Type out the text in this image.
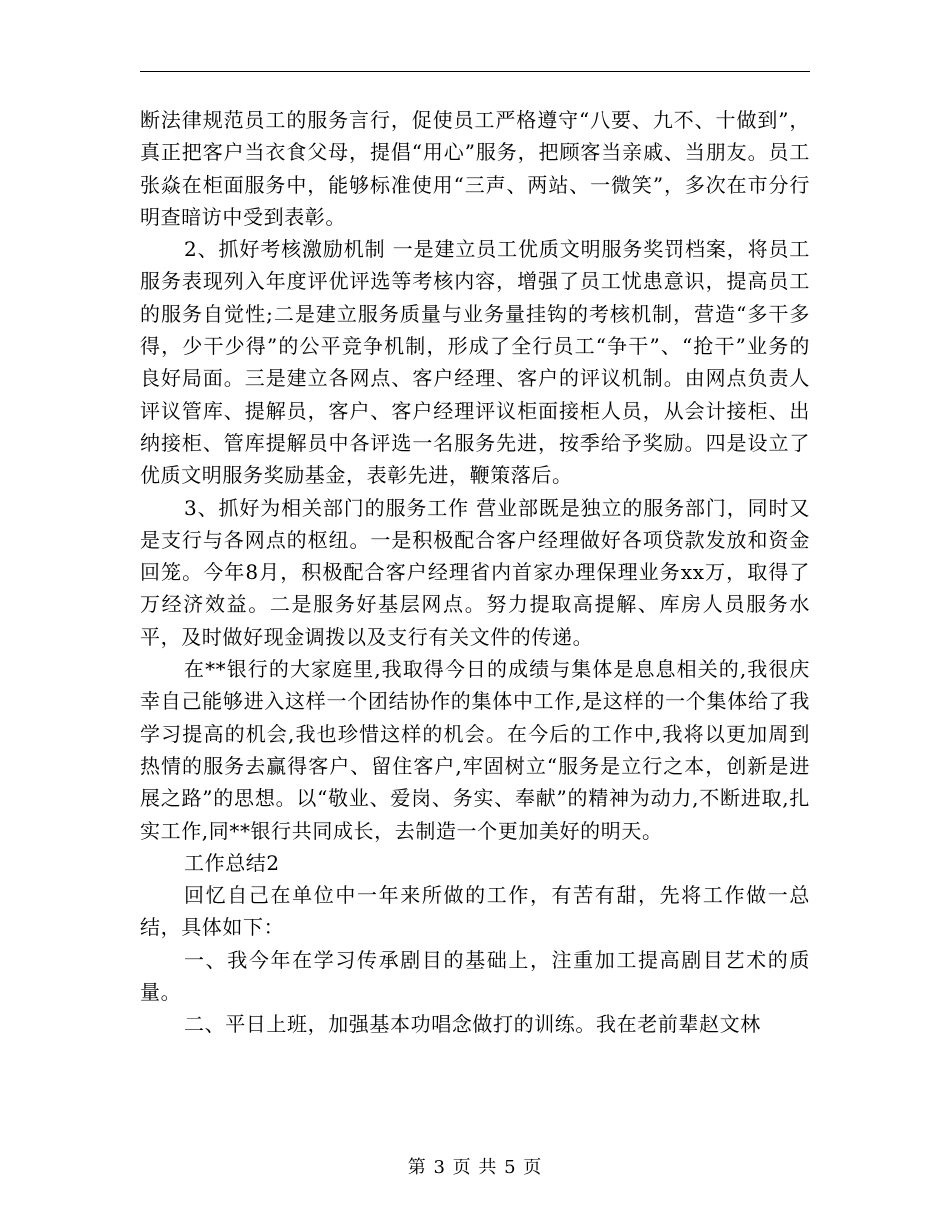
断法律规范员工的服务言行，促使员工严格遵守“八要、九不、十做到”，真正把客户当衣食父母，提倡“用心”服务，把顾客当亲戚、当朋友。员工张焱在柜面服务中，能够标准使用“三声、两站、一微笑”，多次在市分行明查暗访中受到表彰。

2、抓好考核激励机制 一是建立员工优质文明服务奖罚档案，将员工服务表现列入年度评优评选等考核内容，增强了员工忧患意识，提高员工的服务自觉性;二是建立服务质量与业务量挂钩的考核机制，营造“多干多得，少干少得”的公平竞争机制，形成了全行员工“争干”、“抢干”业务的良好局面。三是建立各网点、客户经理、客户的评议机制。由网点负责人评议管库、提解员，客户、客户经理评议柜面接柜人员，从会计接柜、出纳接柜、管库提解员中各评选一名服务先进，按季给予奖励。四是设立了优质文明服务奖励基金，表彰先进，鞭策落后。

3、抓好为相关部门的服务工作 营业部既是独立的服务部门，同时又是支行与各网点的枢纽。一是积极配合客户经理做好各项贷款发放和资金回笼。今年8月，积极配合客户经理省内首家办理保理业务xx万，取得了 万经济效益。二是服务好基层网点。努力提取高提解、库房人员服务水平，及时做好现金调拨以及支行有关文件的传递。

在**银行的大家庭里,我取得今日的成绩与集体是息息相关的,我很庆幸自己能够进入这样一个团结协作的集体中工作,是这样的一个集体给了我学习提高的机会,我也珍惜这样的机会。在今后的工作中,我将以更加周到热情的服务去赢得客户、留住客户,牢固树立“服务是立行之本，创新是进展之路”的思想。以“敬业、爱岗、务实、奉献”的精神为动力,不断进取,扎实工作,同**银行共同成长，去制造一个更加美好的明天。

工作总结2

回忆自己在单位中一年来所做的工作，有苦有甜，先将工作做一总结，具体如下：

一、我今年在学习传承剧目的基础上，注重加工提高剧目艺术的质量。

二、平日上班，加强基本功唱念做打的训练。我在老前辈赵文林

第 3 页 共 5 页
